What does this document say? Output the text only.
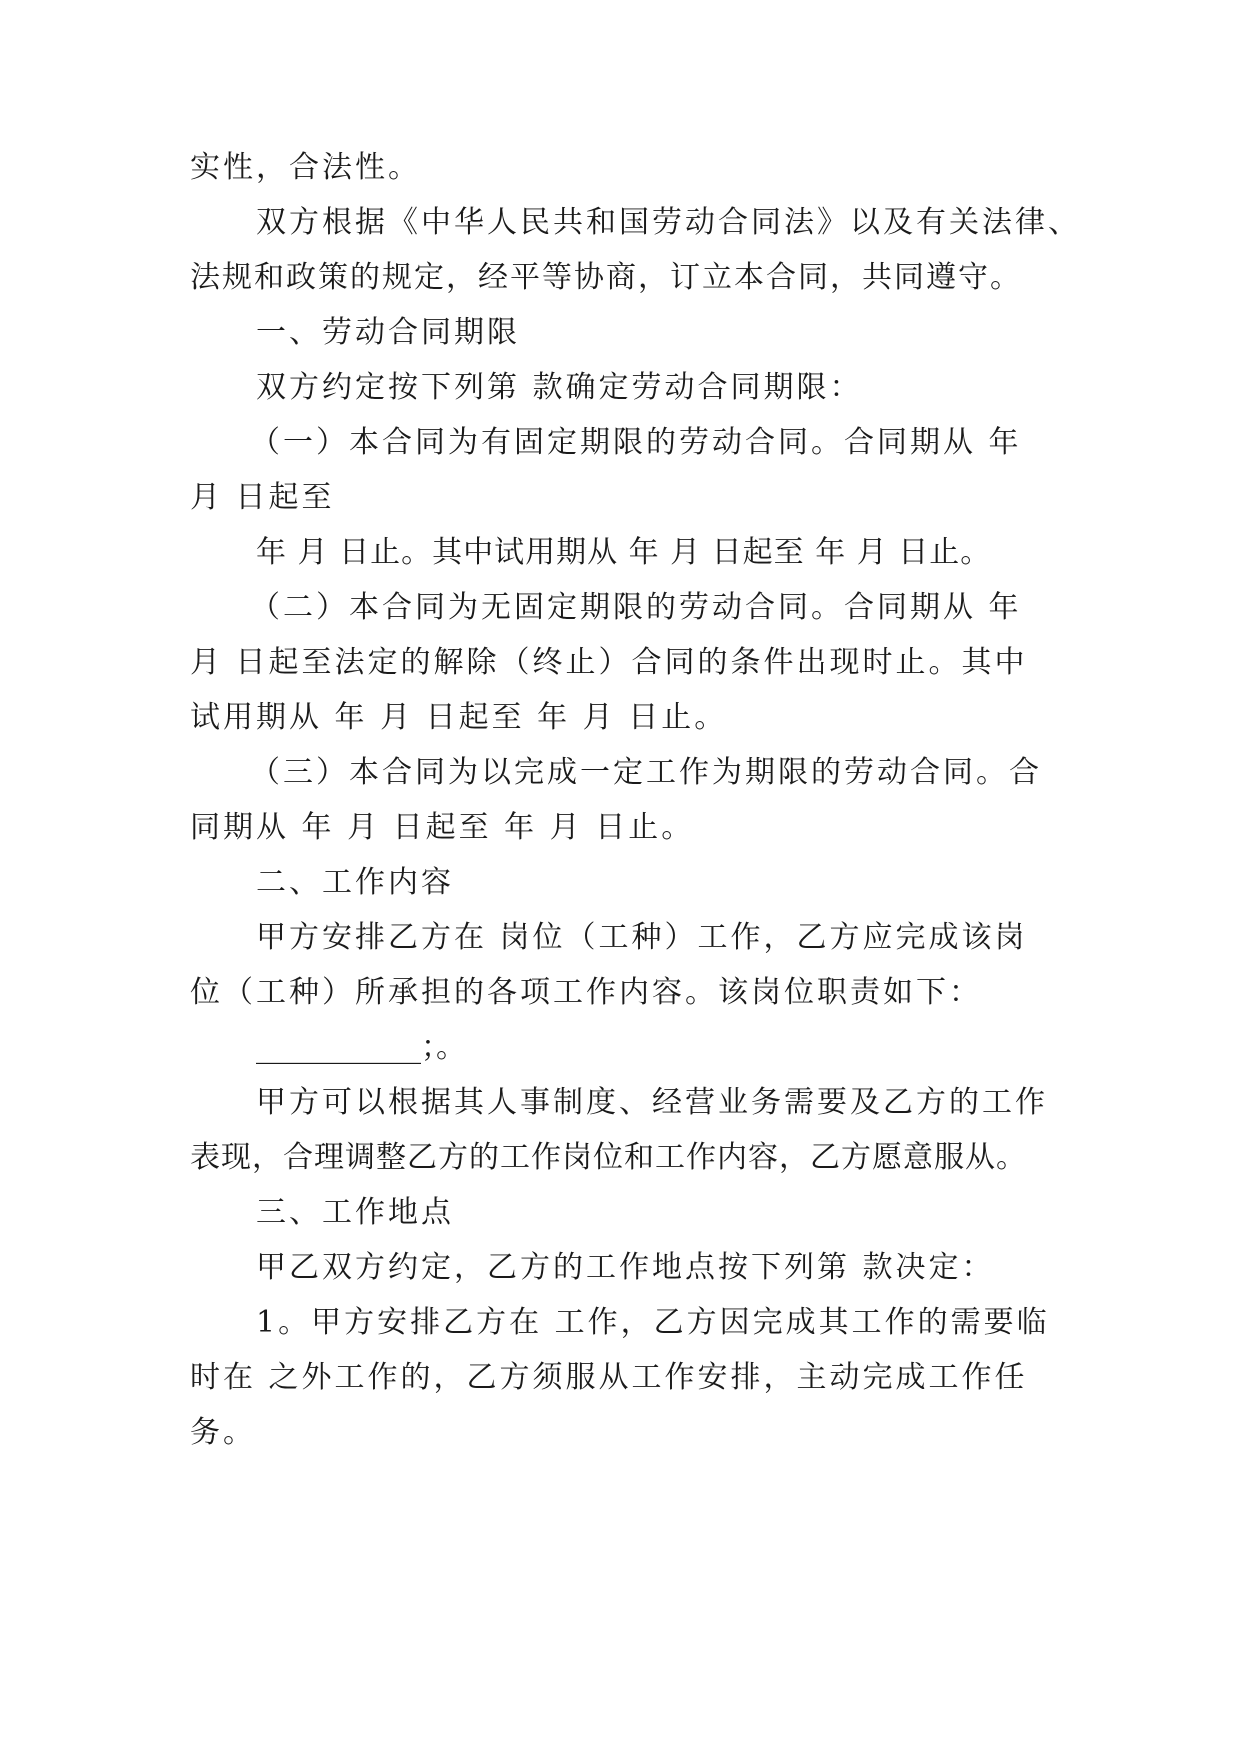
实性，合法性。

双方根据《中华人民共和国劳动合同法》以及有关法律、

法规和政策的规定，经平等协商，订立本合同，共同遵守。

一、劳动合同期限

双方约定按下列第 款确定劳动合同期限：

（一）本合同为有固定期限的劳动合同。合同期从 年

月 日起至

年 月 日止。其中试用期从 年 月 日起至 年 月 日止。

（二）本合同为无固定期限的劳动合同。合同期从 年

月 日起至法定的解除（终止）合同的条件出现时止。其中

试用期从 年 月 日起至 年 月 日止。

（三）本合同为以完成一定工作为期限的劳动合同。合

同期从 年 月 日起至 年 月 日止。

二、工作内容

甲方安排乙方在 岗位（工种）工作，乙方应完成该岗

位（工种）所承担的各项工作内容。该岗位职责如下：

___________；。

甲方可以根据其人事制度、经营业务需要及乙方的工作

表现，合理调整乙方的工作岗位和工作内容，乙方愿意服从。

三、工作地点

甲乙双方约定，乙方的工作地点按下列第 款决定：

1。甲方安排乙方在 工作，乙方因完成其工作的需要临

时在 之外工作的，乙方须服从工作安排，主动完成工作任

务。
